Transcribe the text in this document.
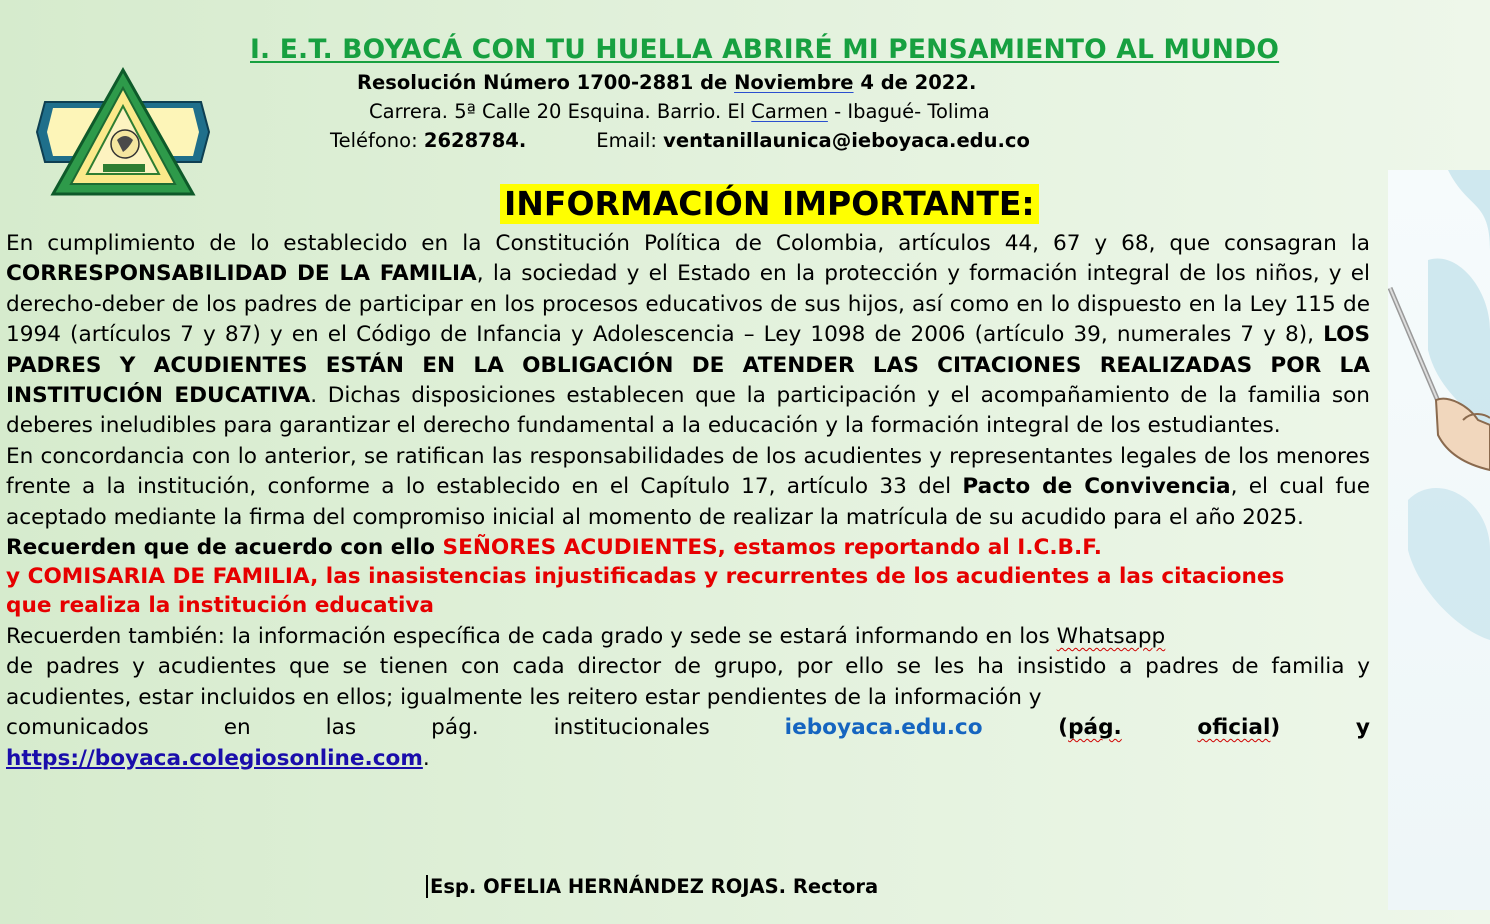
I. E.T. BOYACÁ CON TU HUELLA ABRIRÉ MI PENSAMIENTO AL MUNDO
Resolución Número 1700-2881 de Noviembre 4 de 2022.
Carrera. 5ª Calle 20 Esquina. Barrio. El Carmen - Ibagué- Tolima
Teléfono: 2628784.	Email: ventanillaunica@ieboyaca.edu.co
INFORMACIÓN IMPORTANTE:

En cumplimiento de lo establecido en la Constitución Política de Colombia, artículos 44, 67 y 68, que consagran la CORRESPONSABILIDAD DE LA FAMILIA, la sociedad y el Estado en la protección y formación integral de los niños, y el derecho-deber de los padres de participar en los procesos educativos de sus hijos, así como en lo dispuesto en la Ley 115 de 1994 (artículos 7 y 87) y en el Código de Infancia y Adolescencia – Ley 1098 de 2006 (artículo 39, numerales 7 y 8), LOS PADRES Y ACUDIENTES ESTÁN EN LA OBLIGACIÓN DE ATENDER LAS CITACIONES REALIZADAS POR LA INSTITUCIÓN EDUCATIVA. Dichas disposiciones establecen que la participación y el acompañamiento de la familia son deberes ineludibles para garantizar el derecho fundamental a la educación y la formación integral de los estudiantes.

En concordancia con lo anterior, se ratifican las responsabilidades de los acudientes y representantes legales de los menores frente a la institución, conforme a lo establecido en el Capítulo 17, artículo 33 del Pacto de Convivencia, el cual fue aceptado mediante la firma del compromiso inicial al momento de realizar la matrícula de su acudido para el año 2025.

Recuerden que de acuerdo con ello SEÑORES ACUDIENTES, estamos reportando al I.C.B.F.

y COMISARIA DE FAMILIA, las inasistencias injustificadas y recurrentes de los acudientes a las citaciones

que realiza la institución educativa

Recuerden también: la información específica de cada grado y sede se estará informando en los Whatsapp

de padres y acudientes que se tienen con cada director de grupo, por ello se les ha insistido a padres de familia y acudientes, estar incluidos en ellos; igualmente les reitero estar pendientes de la información y

comunicados en las pág. institucionales ieboyaca.edu.co (pág.	oficial) y

https://boyaca.colegiosonline.com.

Esp. OFELIA HERNÁNDEZ ROJAS. Rectora
